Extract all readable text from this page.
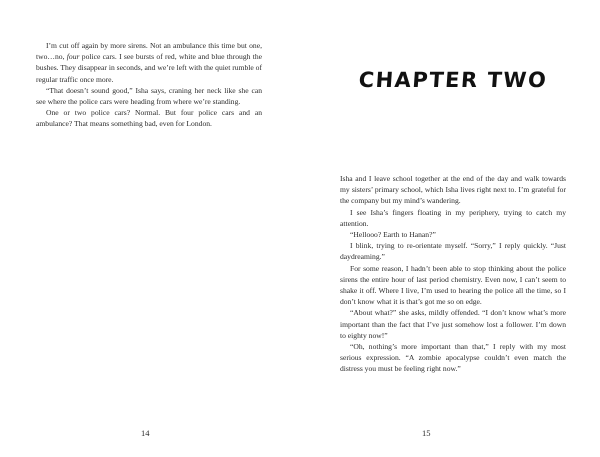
I’m cut off again by more sirens. Not an ambulance this time but one, two…no, four police cars. I see bursts of red, white and blue through the bushes. They disappear in seconds, and we’re left with the quiet rumble of regular traffic once more.

“That doesn’t sound good,” Isha says, craning her neck like she can see where the police cars were heading from where we’re standing.

One or two police cars? Normal. But four police cars and an ambulance? That means something bad, even for London.

14
CHAPTER TWO

Isha and I leave school together at the end of the day and walk towards my sisters’ primary school, which Isha lives right next to. I’m grateful for the company but my mind’s wandering.

I see Isha’s fingers floating in my periphery, trying to catch my attention.

“Hellooo? Earth to Hanan?”

I blink, trying to re-orientate myself. “Sorry,” I reply quickly. “Just daydreaming.”

For some reason, I hadn’t been able to stop thinking about the police sirens the entire hour of last period chemistry. Even now, I can’t seem to shake it off. Where I live, I’m used to hearing the police all the time, so I don’t know what it is that’s got me so on edge.

“About what?” she asks, mildly offended. “I don’t know what’s more important than the fact that I’ve just somehow lost a follower. I’m down to eighty now!”

“Oh, nothing’s more important than that,” I reply with my most serious expression. “A zombie apocalypse couldn’t even match the distress you must be feeling right now.”

15
